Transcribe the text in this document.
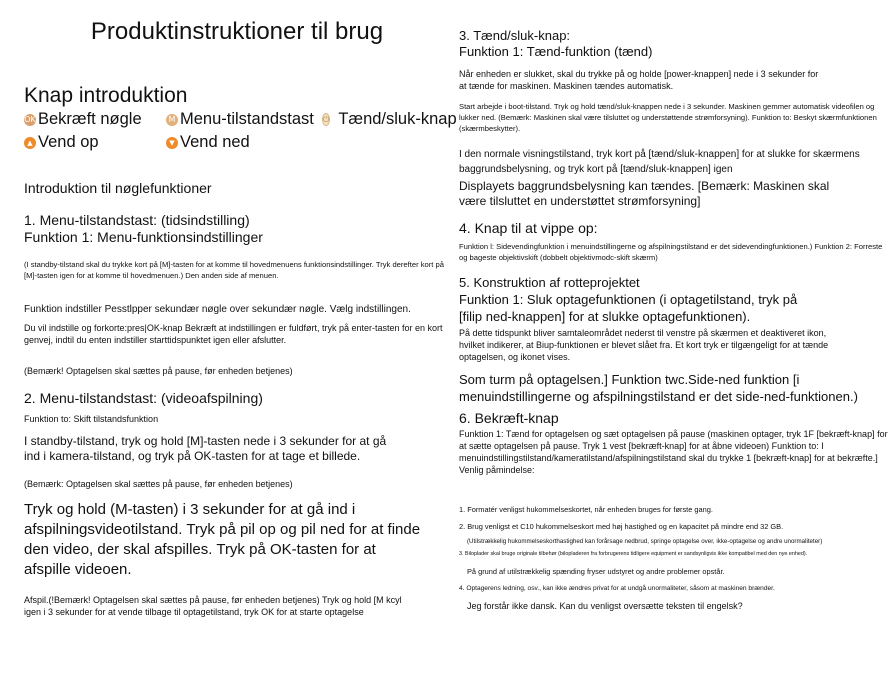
Produktinstruktioner til brug

Knap introduktion

OK Bekræft nøgle	M Menu-tilstandstast ⏻ Tænd/sluk-knap
▲ Vend op	▼ Vend ned

Introduktion til nøglefunktioner

1. Menu-tilstandstast: (tidsindstilling)

Funktion 1: Menu-funktionsindstillinger

(I standby-tilstand skal du trykke kort på [M]-tasten for at komme til hovedmenuens funktionsindstillinger. Tryk derefter kort på [M]-tasten igen for at komme til hovedmenuen.) Den anden side af menuen.

Funktion indstiller Pesstlpper sekundær nøgle over sekundær nøgle. Vælg indstillingen.

Du vil indstille og forkorte:pres|OK-knap Bekræft at indstillingen er fuldført, tryk på enter-tasten for en kort genvej, indtil du enten indstiller starttidspunktet igen eller afslutter.

(Bemærk! Optagelsen skal sættes på pause, før enheden betjenes)

2. Menu-tilstandstast: (videoafspilning)

Funktion to: Skift tilstandsfunktion

I standby-tilstand, tryk og hold [M]-tasten nede i 3 sekunder for at gå ind i kamera-tilstand, og tryk på OK-tasten for at tage et billede.

(Bemærk: Optagelsen skal sættes på pause, før enheden betjenes)

Tryk og hold (M-tasten) i 3 sekunder for at gå ind i afspilningsvideotilstand. Tryk på pil op og pil ned for at finde den video, der skal afspilles. Tryk på OK-tasten for at afspille videoen.

Afspil.(!Bemærk! Optagelsen skal sættes på pause, før enheden betjenes) Tryk og hold [M kcyl igen i 3 sekunder for at vende tilbage til optagetilstand, tryk OK for at starte optagelse

3. Tænd/sluk-knap:

Funktion 1: Tænd-funktion (tænd)

Når enheden er slukket, skal du trykke på og holde [power-knappen] nede i 3 sekunder for at tænde for maskinen. Maskinen tændes automatisk.

Start arbejde i boot-tilstand. Tryk og hold tænd/sluk-knappen nede i 3 sekunder. Maskinen gemmer automatisk videofilen og lukker ned. (Bemærk: Maskinen skal være tilsluttet og understøttende strømforsyning). Funktion to: Beskyt skærmfunktionen (skærmbeskytter).

I den normale visningstilstand, tryk kort på [tænd/sluk-knappen] for at slukke for skærmens baggrundsbelysning, og tryk kort på [tænd/sluk-knappen] igen

Displayets baggrundsbelysning kan tændes. [Bemærk: Maskinen skal være tilsluttet en understøttet strømforsyning]

4. Knap til at vippe op:

Funktion l: Sidevendingfunktion i menuindstillingerne og afspilningstilstand er det sidevendingfunktionen.) Funktion 2: Forreste og bageste objektivskift (dobbelt objektivmodc-skift skærm)

5. Konstruktion af rotteprojektet

Funktion 1: Sluk optagefunktionen (i optagetilstand, tryk på [filip ned-knappen] for at slukke optagefunktionen).

På dette tidspunkt bliver samtaleområdet nederst til venstre på skærmen et deaktiveret ikon, hvilket indikerer, at Biup-funktionen er blevet slået fra. Et kort tryk er tilgængeligt for at tænde optagelsen, og ikonet vises.

Som turm på optagelsen.] Funktion twc.Side-ned funktion [i menuindstillingerne og afspilningstilstand er det side-ned-funktionen.)

6. Bekræft-knap

Funktion 1: Tænd for optagelsen og sæt optagelsen på pause (maskinen optager, tryk 1F [bekræft-knap] for at sætte optagelsen på pause. Tryk 1 vest [bekræft-knap] for at åbne videoen) Funktion to: I menuindstillingstilstand/kameratilstand/afspilningstilstand skal du trykke 1 [bekræft-knap] for at bekræfte.] Venlig påmindelse:

1. Formatér venligst hukommelseskortet, når enheden bruges for første gang.

2. Brug venligst et C10 hukommelseskort med høj hastighed og en kapacitet på mindre end 32 GB.

(Utilstrækkelig hukommelseskorthastighed kan forårsage nedbrud, springe optagelse over, ikke-optagelse og andre unormaliteter)

3. Biloplader skal bruge originale tilbehør (bilopladeren fra forbrugerens tidligere equipment er sandsynligvis ikke kompatibel med den nye enhed).

På grund af utilstrækkelig spænding fryser udstyret og andre problemer opstår.

4. Optagerens ledning, osv., kan ikke ændres privat for at undgå unormaliteter, såsom at maskinen brænder.

Jeg forstår ikke dansk. Kan du venligst oversætte teksten til engelsk?
